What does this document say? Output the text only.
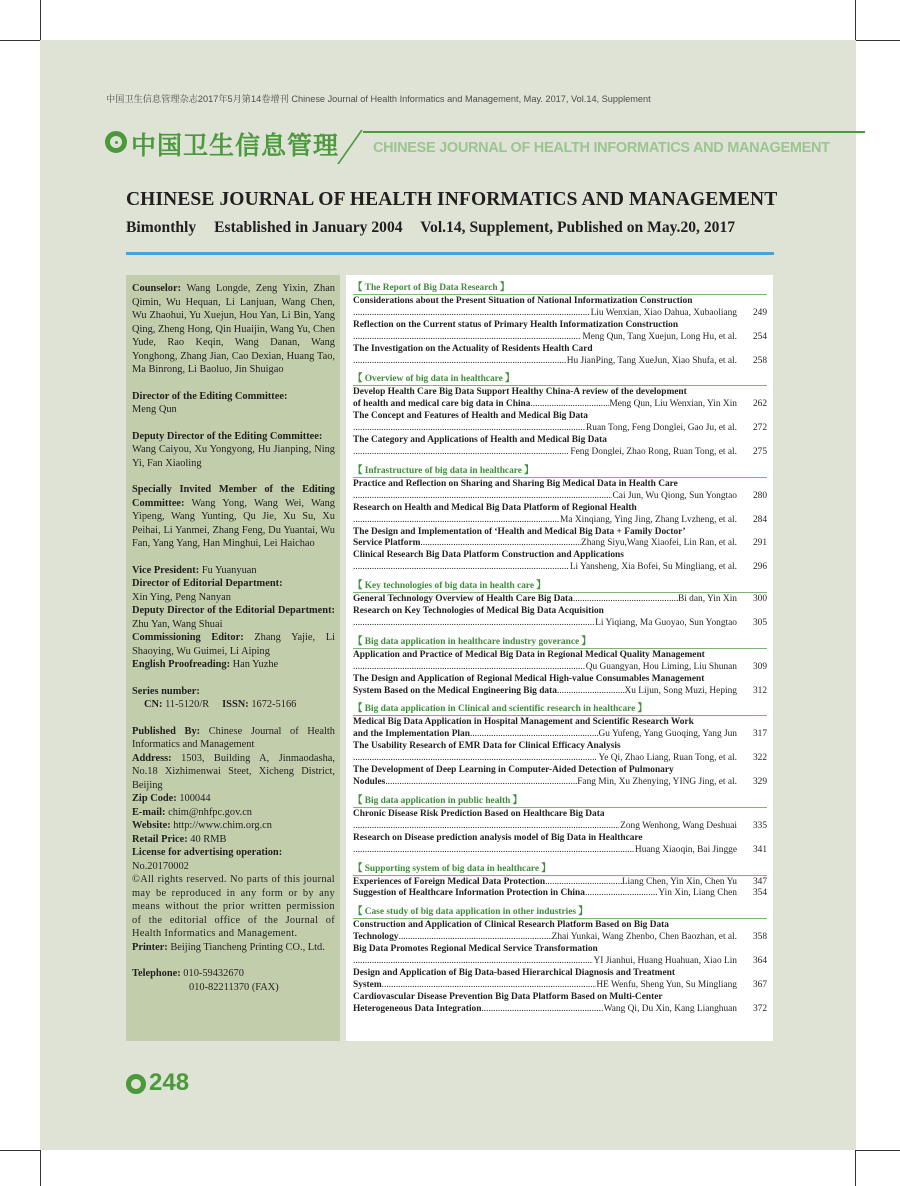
中国卫生信息管理杂志2017年5月第14卷增刊 Chinese Journal of Health Informatics and Management, May. 2017, Vol.14, Supplement
中国卫生信息管理 CHINESE JOURNAL OF HEALTH INFORMATICS AND MANAGEMENT
CHINESE JOURNAL OF HEALTH INFORMATICS AND MANAGEMENT
Bimonthly Established in January 2004 Vol.14, Supplement, Published on May.20, 2017

Counselor: Wang Longde, Zeng Yixin, Zhan Qimin, Wu Hequan, Li Lanjuan, Wang Chen, Wu Zhaohui, Yu Xuejun, Hou Yan, Li Bin, Yang Qing, Zheng Hong, Qin Huaijin, Wang Yu, Chen Yude, Rao Keqin, Wang Danan, Wang Yonghong, Zhang Jian, Cao Dexian, Huang Tao, Ma Binrong, Li Baoluo, Jin Shuigao

Director of the Editing Committee:

Meng Qun

Deputy Director of the Editing Committee:

Wang Caiyou, Xu Yongyong, Hu Jianping, Ning Yi, Fan Xiaoling

Specially Invited Member of the Editing Committee: Wang Yong, Wang Wei, Wang Yipeng, Wang Yunting, Qu Jie, Xu Su, Xu Peihai, Li Yanmei, Zhang Feng, Du Yuantai, Wu Fan, Yang Yang, Han Minghui, Lei Haichao

Vice President: Fu Yuanyuan

Director of Editorial Department:

Xin Ying, Peng Nanyan

Deputy Director of the Editorial Department: Zhu Yan, Wang Shuai

Commissioning Editor: Zhang Yajie, Li Shaoying, Wu Guimei, Li Aiping

English Proofreading: Han Yuzhe

Series number:

CN: 11-5120/R ISSN: 1672-5166

Published By: Chinese Journal of Health Informatics and Management

Address: 1503, Building A, Jinmaodasha, No.18 Xizhimenwai Steet, Xicheng District, Beijing

Zip Code: 100044

E-mail: chim@nhfpc.gov.cn

Website: http://www.chim.org.cn

Retail Price: 40 RMB

License for advertising operation:

No.20170002

©All rights reserved. No parts of this journal may be reproduced in any form or by any means without the prior written permission of the editorial office of the Journal of Health Informatics and Management.

Printer: Beijing Tiancheng Printing CO., Ltd.

Telephone: 010-59432670

010-82211370 (FAX)

【 The Report of Big Data Research 】
Considerations about the Present Situation of National Informatization Construction
.....
Liu Wenxian, Xiao Dahua, Xubaoliang	249
Reflection on the Current status of Primary Health Informatization Construction
.....
Meng Qun, Tang Xuejun, Long Hu, et al.	254
The Investigation on the Actuality of Residents Health Card
.....
Hu JianPing, Tang XueJun, Xiao Shufa, et al.	258
【 Overview of big data in healthcare 】
Develop Health Care Big Data Support Healthy China-A review of the development
of health and medical care big data in China .....	Meng Qun, Liu Wenxian, Yin Xin	262
The Concept and Features of Health and Medical Big Data
.....
Ruan Tong, Feng Donglei, Gao Ju, et al.	272
The Category and Applications of Health and Medical Big Data
.....
Feng Donglei, Zhao Rong, Ruan Tong, et al.	275
【 Infrastructure of big data in healthcare 】
Practice and Reflection on Sharing and Sharing Big Medical Data in Health Care
.....
Cai Jun, Wu Qiong, Sun Yongtao	280
Research on Health and Medical Big Data Platform of Regional Health
.....
Ma Xinqiang, Ying Jing, Zhang Lvzheng, et al.	284
The Design and Implementation of ‘Health and Medical Big Data + Family Doctor’
Service Platform .....	Zhang Siyu,Wang Xiaofei, Lin Ran, et al.	291
Clinical Research Big Data Platform Construction and Applications
.....
Li Yansheng, Xia Bofei, Su Mingliang, et al.	296
【 Key technologies of big data in health care 】
General Technology Overview of Health Care Big Data .....	Bi dan, Yin Xin	300
Research on Key Technologies of Medical Big Data Acquisition
.....
Li Yiqiang, Ma Guoyao, Sun Yongtao	305
【 Big data application in healthcare industry goverance 】
Application and Practice of Medical Big Data in Regional Medical Quality Management
.....
Qu Guangyan, Hou Liming, Liu Shunan	309
The Design and Application of Regional Medical High-value Consumables Management
System Based on the Medical Engineering Big data .....	Xu Lijun, Song Muzi, Heping	312
【 Big data application in Clinical and scientific research in healthcare 】
Medical Big Data Application in Hospital Management and Scientific Research Work
and the Implementation Plan .....	Gu Yufeng, Yang Guoqing, Yang Jun	317
The Usability Research of EMR Data for Clinical Efficacy Analysis
.....
Ye Qi, Zhao Liang, Ruan Tong, et al.	322
The Development of Deep Learning in Computer-Aided Detection of Pulmonary
Nodules .....	Fang Min, Xu Zhenying, YING Jing, et al.	329
【 Big data application in public health 】
Chronic Disease Risk Prediction Based on Healthcare Big Data
.....
Zong Wenhong, Wang Deshuai	335
Research on Disease prediction analysis model of Big Data in Healthcare
.....
Huang Xiaoqin, Bai Jingge	341
【 Supporting system of big data in healthcare 】
Experiences of Foreign Medical Data Protection .....	Liang Chen, Yin Xin, Chen Yu	347
Suggestion of Healthcare Information Protection in China .....	Yin Xin, Liang Chen	354
【 Case study of big data application in other industries 】
Construction and Application of Clinical Research Platform Based on Big Data
Technology .....	Zhai Yunkai, Wang Zhenbo, Chen Baozhan, et al.	358
Big Data Promotes Regional Medical Service Transformation
.....
YI Jianhui, Huang Huahuan, Xiao Lin	364
Design and Application of Big Data-based Hierarchical Diagnosis and Treatment
System .....	HE Wenfu, Sheng Yun, Su Mingliang	367
Cardiovascular Disease Prevention Big Data Platform Based on Multi-Center
Heterogeneous Data Integration .....	Wang Qi, Du Xin, Kang Lianghuan	372
248
